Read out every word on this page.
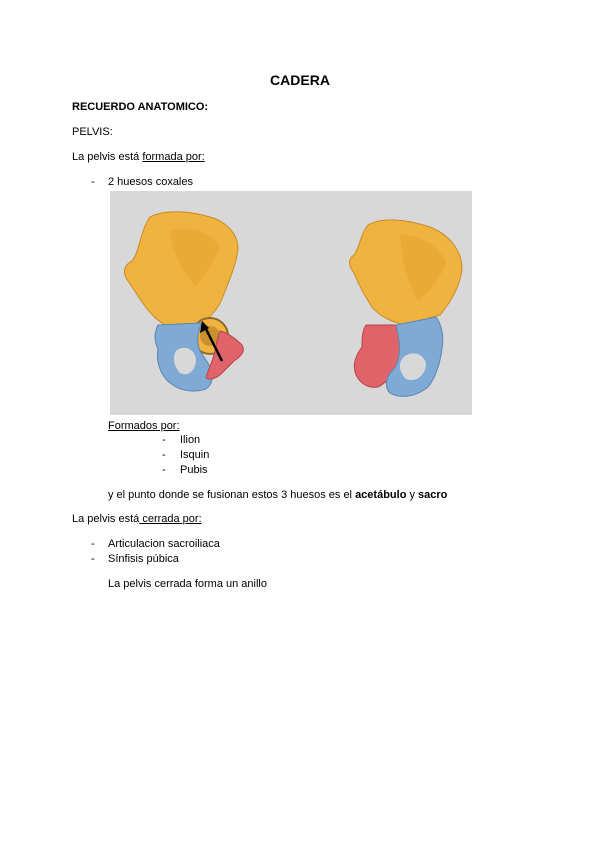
CADERA
RECUERDO ANATOMICO:
PELVIS:
La pelvis está formada por:
- 2 huesos coxales
Formados por:
- Ilion
- Isquin
- Pubis
y el punto donde se fusionan estos 3 huesos es el acetábulo y sacro
La pelvis está cerrada por:
- Articulacion sacroiliaca
- Sínfisis púbica
La pelvis cerrada forma un anillo
